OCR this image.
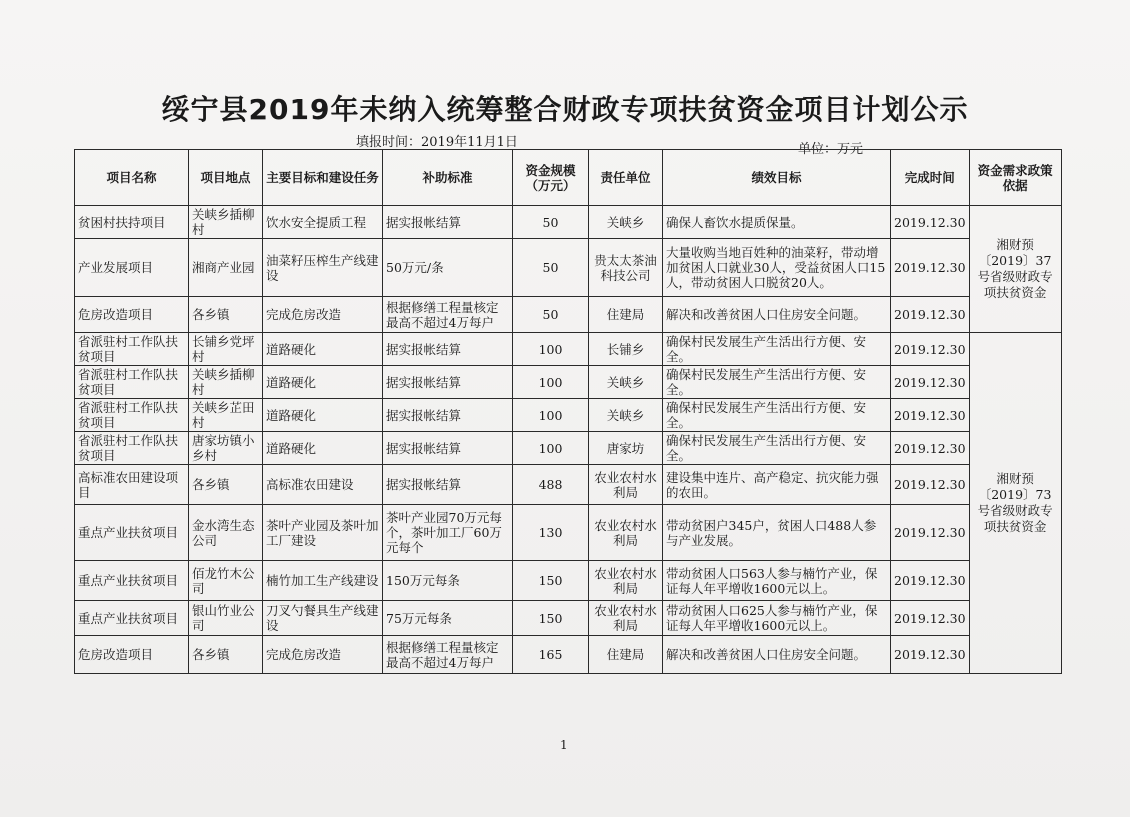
绥宁县2019年未纳入统筹整合财政专项扶贫资金项目计划公示
填报时间：2019年11月1日	单位：万元
项目名称	项目地点	主要目标和建设任务	补助标准	资金规模（万元）	责任单位	绩效目标	完成时间	资金需求政策依据
贫困村扶持项目	关峡乡插柳村	饮水安全提质工程	据实报帐结算	50	关峡乡	确保人畜饮水提质保量。	2019.12.30	湘财预〔2019〕37号省级财政专项扶贫资金
产业发展项目	湘商产业园	油菜籽压榨生产线建设	50万元/条	50	贵太太茶油科技公司	大量收购当地百姓种的油菜籽，带动增加贫困人口就业30人，受益贫困人口15人，带动贫困人口脱贫20人。	2019.12.30	
危房改造项目	各乡镇	完成危房改造	根据修缮工程量核定最高不超过4万每户	50	住建局	解决和改善贫困人口住房安全问题。	2019.12.30	
省派驻村工作队扶贫项目	长铺乡党坪村	道路硬化	据实报帐结算	100	长铺乡	确保村民发展生产生活出行方便、安全。	2019.12.30	湘财预〔2019〕73号省级财政专项扶贫资金
省派驻村工作队扶贫项目	关峡乡插柳村	道路硬化	据实报帐结算	100	关峡乡	确保村民发展生产生活出行方便、安全。	2019.12.30	
省派驻村工作队扶贫项目	关峡乡芷田村	道路硬化	据实报帐结算	100	关峡乡	确保村民发展生产生活出行方便、安全。	2019.12.30	
省派驻村工作队扶贫项目	唐家坊镇小乡村	道路硬化	据实报帐结算	100	唐家坊	确保村民发展生产生活出行方便、安全。	2019.12.30	
高标准农田建设项目	各乡镇	高标准农田建设	据实报帐结算	488	农业农村水利局	建设集中连片、高产稳定、抗灾能力强的农田。	2019.12.30	
重点产业扶贫项目	金水湾生态公司	茶叶产业园及茶叶加工厂建设	茶叶产业园70万元每个，茶叶加工厂60万元每个	130	农业农村水利局	带动贫困户345户，贫困人口488人参与产业发展。	2019.12.30	
重点产业扶贫项目	佰龙竹木公司	楠竹加工生产线建设	150万元每条	150	农业农村水利局	带动贫困人口563人参与楠竹产业，保证每人年平增收1600元以上。	2019.12.30	
重点产业扶贫项目	银山竹业公司	刀叉勺餐具生产线建设	75万元每条	150	农业农村水利局	带动贫困人口625人参与楠竹产业，保证每人年平增收1600元以上。	2019.12.30	
危房改造项目	各乡镇	完成危房改造	根据修缮工程量核定最高不超过4万每户	165	住建局	解决和改善贫困人口住房安全问题。	2019.12.30	
1
